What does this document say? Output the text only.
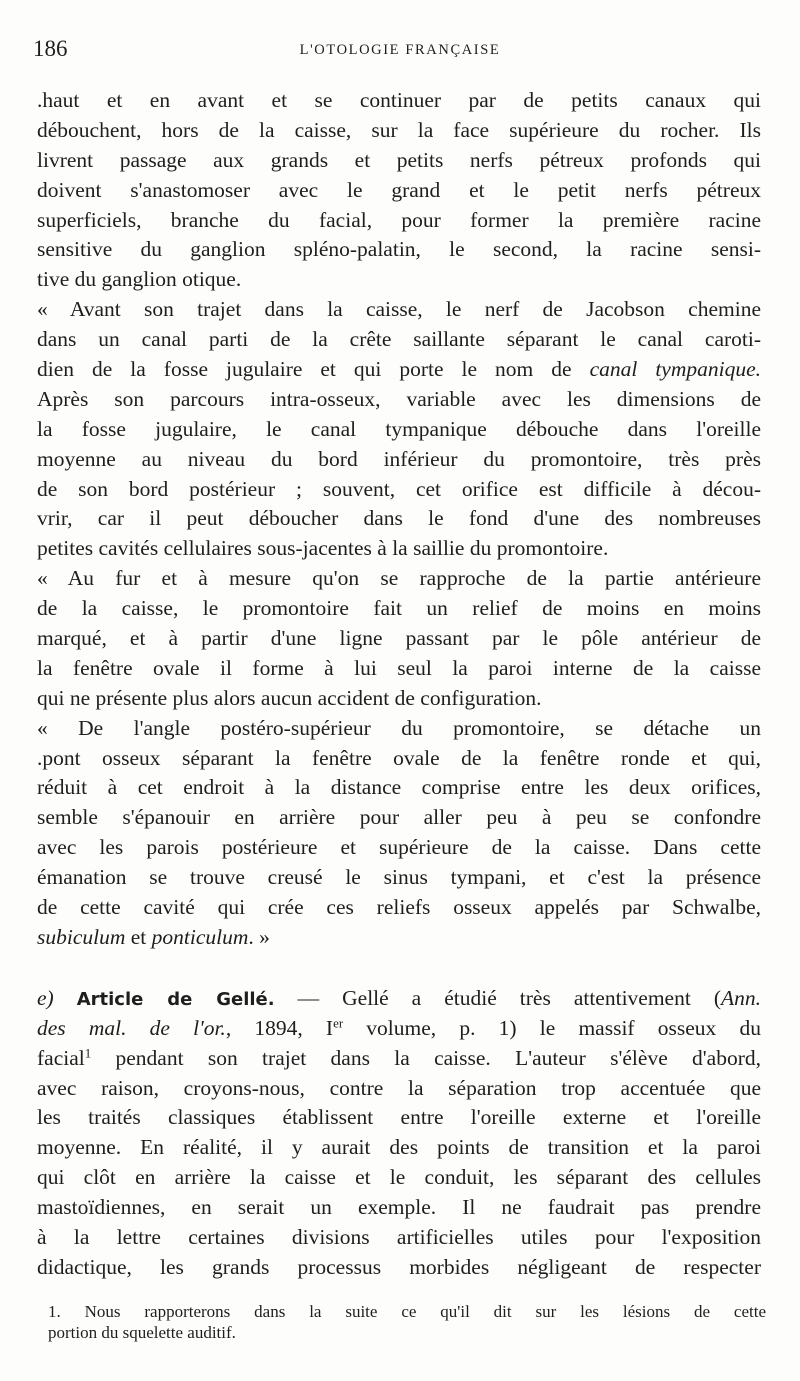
186	L'OTOLOGIE FRANÇAISE
.haut et en avant et se continuer par de petits canaux qui
débouchent, hors de la caisse, sur la face supérieure du rocher. Ils
livrent passage aux grands et petits nerfs pétreux profonds qui
doivent s'anastomoser avec le grand et le petit nerfs pétreux
superficiels, branche du facial, pour former la première racine
sensitive du ganglion spléno-palatin, le second, la racine sensi-
tive du ganglion otique.
« Avant son trajet dans la caisse, le nerf de Jacobson chemine
dans un canal parti de la crête saillante séparant le canal caroti-
dien de la fosse jugulaire et qui porte le nom de canal tympanique.
Après son parcours intra-osseux, variable avec les dimensions de
la fosse jugulaire, le canal tympanique débouche dans l'oreille
moyenne au niveau du bord inférieur du promontoire, très près
de son bord postérieur ; souvent, cet orifice est difficile à décou-
vrir, car il peut déboucher dans le fond d'une des nombreuses
petites cavités cellulaires sous-jacentes à la saillie du promontoire.
« Au fur et à mesure qu'on se rapproche de la partie antérieure
de la caisse, le promontoire fait un relief de moins en moins
marqué, et à partir d'une ligne passant par le pôle antérieur de
la fenêtre ovale il forme à lui seul la paroi interne de la caisse
qui ne présente plus alors aucun accident de configuration.
« De l'angle postéro-supérieur du promontoire, se détache un
.pont osseux séparant la fenêtre ovale de la fenêtre ronde et qui,
réduit à cet endroit à la distance comprise entre les deux orifices,
semble s'épanouir en arrière pour aller peu à peu se confondre
avec les parois postérieure et supérieure de la caisse. Dans cette
émanation se trouve creusé le sinus tympani, et c'est la présence
de cette cavité qui crée ces reliefs osseux appelés par Schwalbe,
subiculum et ponticulum. »
e) Article de Gellé. — Gellé a étudié très attentivement (Ann.
des mal. de l'or., 1894, Ier volume, p. 1) le massif osseux du
facial$^1$ pendant son trajet dans la caisse. L'auteur s'élève d'abord,
avec raison, croyons-nous, contre la séparation trop accentuée que
les traités classiques établissent entre l'oreille externe et l'oreille
moyenne. En réalité, il y aurait des points de transition et la paroi
qui clôt en arrière la caisse et le conduit, les séparant des cellules
mastoïdiennes, en serait un exemple. Il ne faudrait pas prendre
à la lettre certaines divisions artificielles utiles pour l'exposition
didactique, les grands processus morbides négligeant de respecter
1. Nous rapporterons dans la suite ce qu'il dit sur les lésions de cette
portion du squelette auditif.
